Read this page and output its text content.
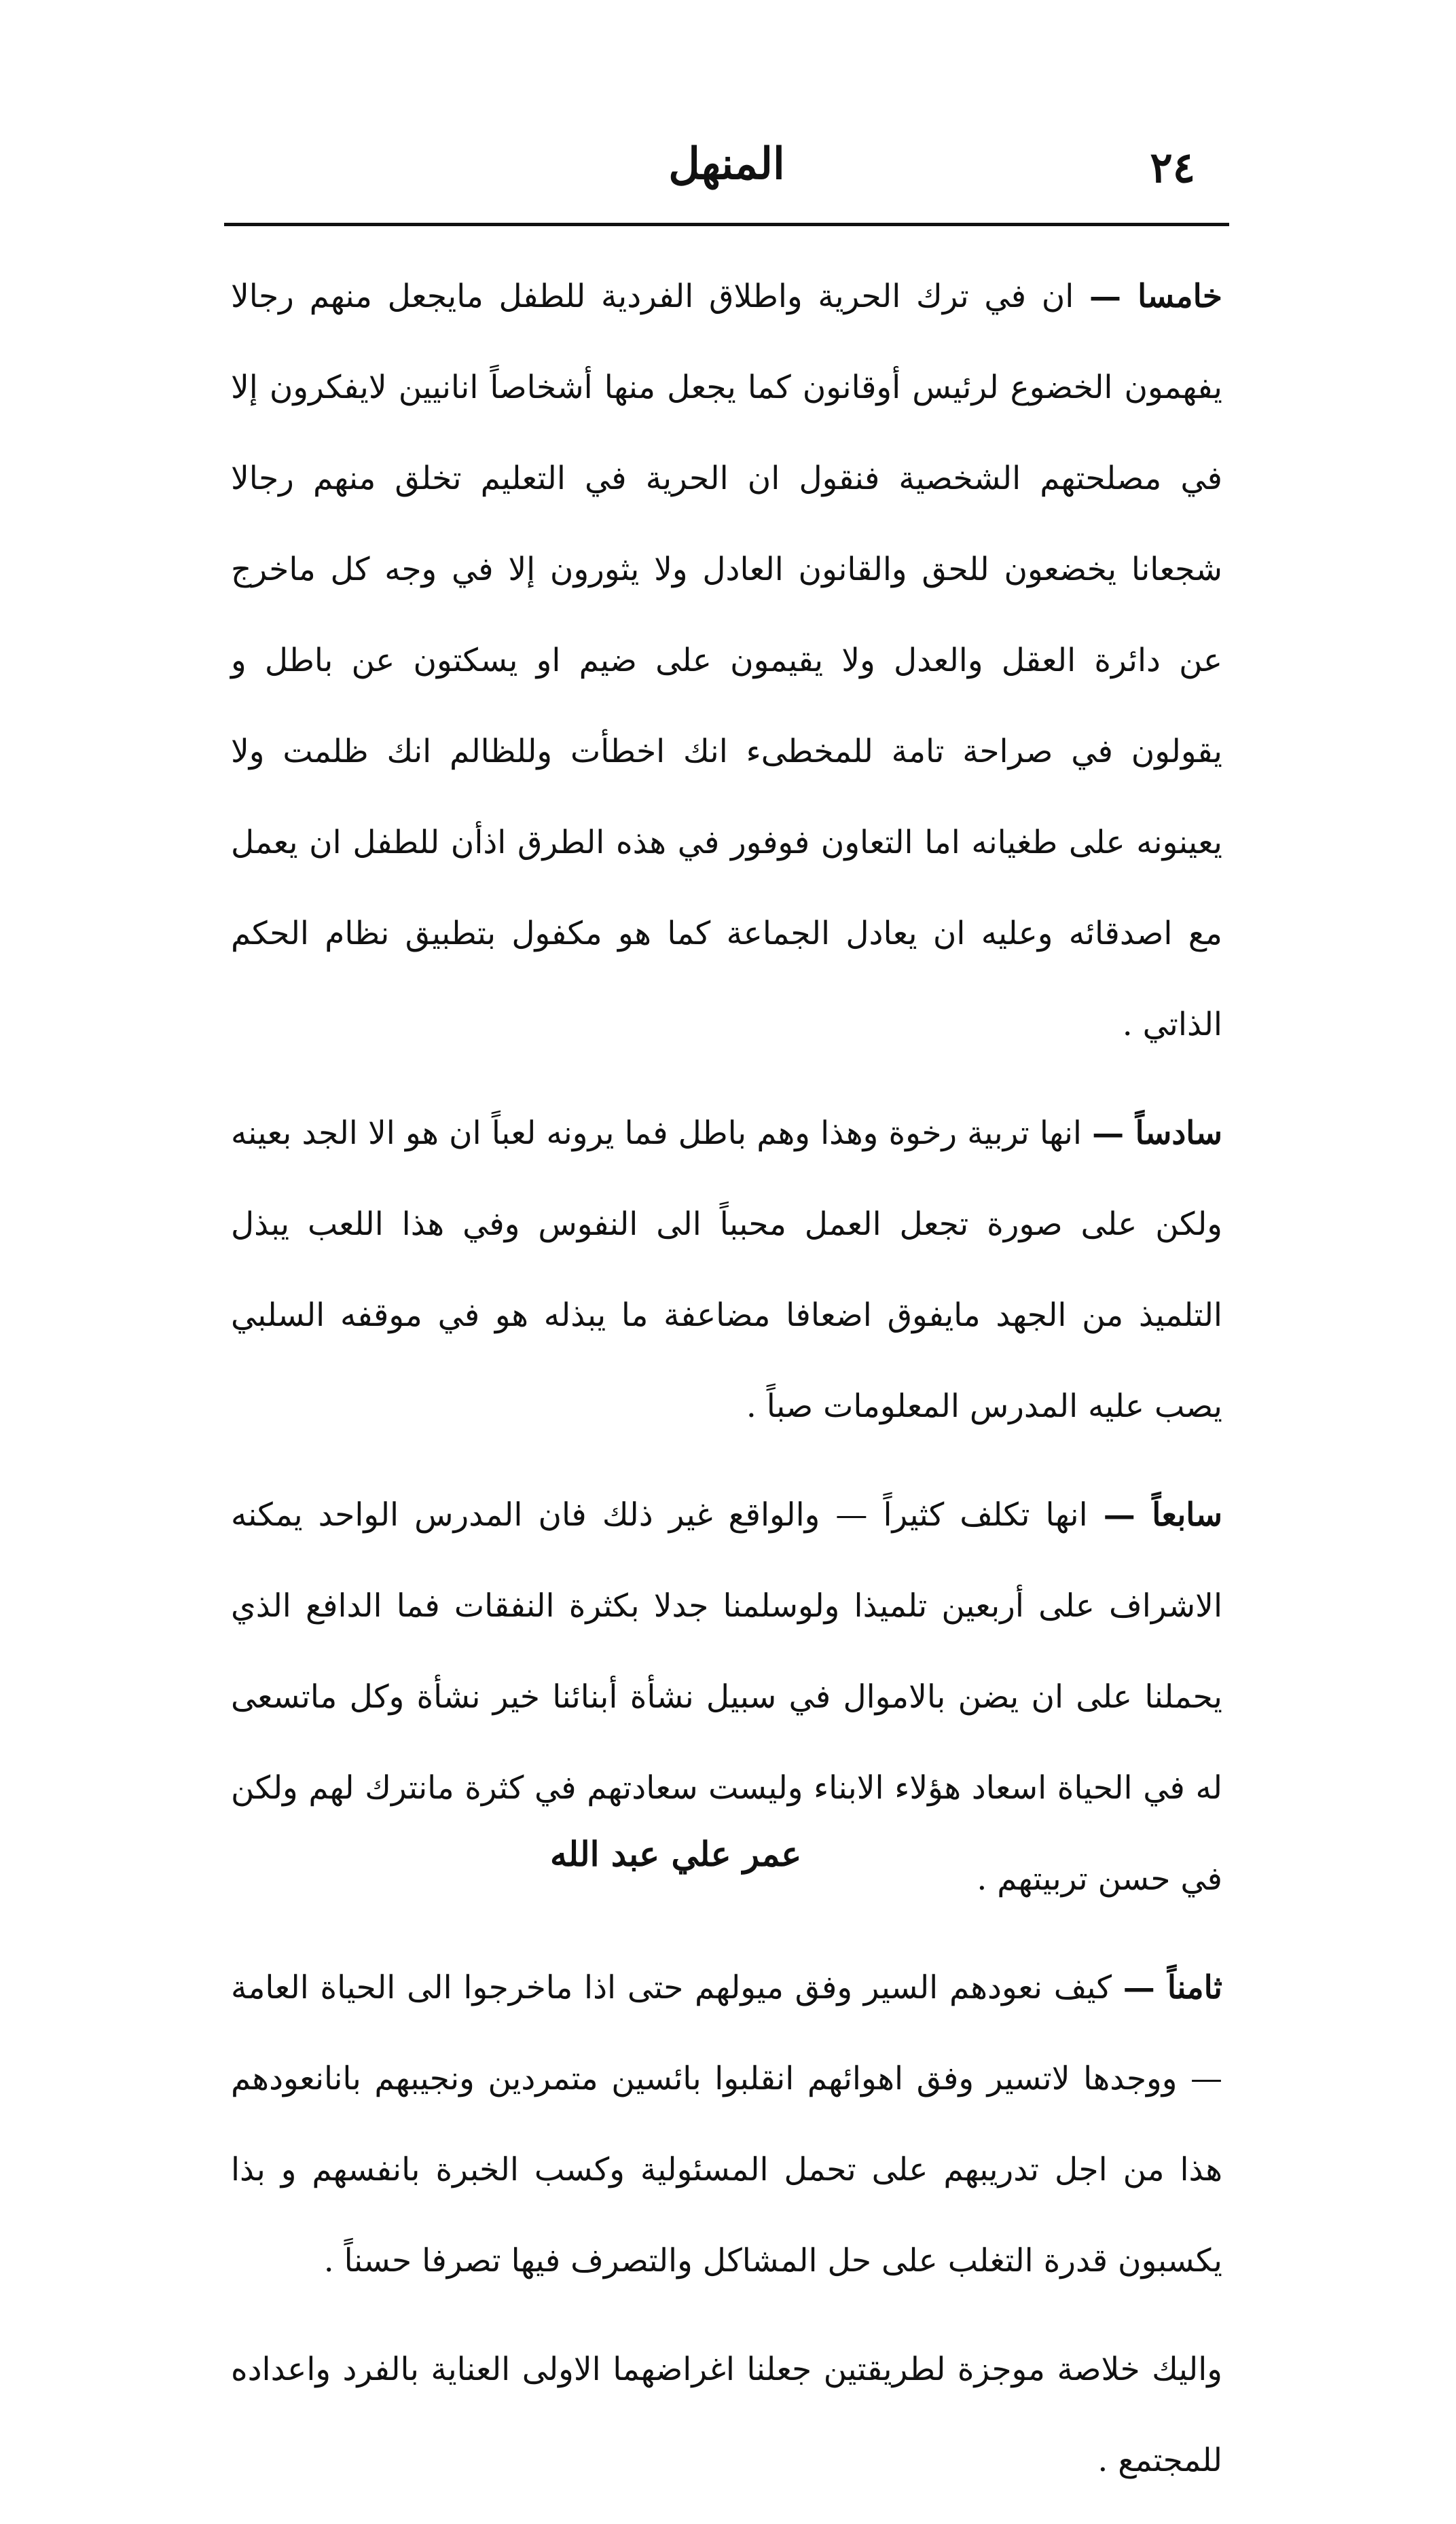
٢٤
المنهل

خامسا — ان في ترك الحرية واطلاق الفردية للطفل مايجعل منهم رجالا يفهمون الخضوع لرئيس أوقانون كما يجعل منها أشخاصاً انانيين لايفكرون إلا في مصلحتهم الشخصية فنقول ان الحرية في التعليم تخلق منهم رجالا شجعانا يخضعون للحق والقانون العادل ولا يثورون إلا في وجه كل ماخرج عن دائرة العقل والعدل ولا يقيمون على ضيم او يسكتون عن باطل و يقولون في صراحة تامة للمخطىء انك اخطأت وللظالم انك ظلمت ولا يعينونه على طغيانه اما التعاون فوفور في هذه الطرق اذأن للطفل ان يعمل مع اصدقائه وعليه ان يعادل الجماعة كما هو مكفول بتطبيق نظام الحكم الذاتي .

سادساً — انها تربية رخوة وهذا وهم باطل فما يرونه لعباً ان هو الا الجد بعينه ولكن على صورة تجعل العمل محبباً الى النفوس وفي هذا اللعب يبذل التلميذ من الجهد مايفوق اضعافا مضاعفة ما يبذله هو في موقفه السلبي يصب عليه المدرس المعلومات صباً .

سابعاً — انها تكلف كثيراً — والواقع غير ذلك فان المدرس الواحد يمكنه الاشراف على أربعين تلميذا ولوسلمنا جدلا بكثرة النفقات فما الدافع الذي يحملنا على ان يضن بالاموال في سبيل نشأة أبنائنا خير نشأة وكل ماتسعى له في الحياة اسعاد هؤلاء الابناء وليست سعادتهم في كثرة مانترك لهم ولكن في حسن تربيتهم .

ثامناً — كيف نعودهم السير وفق ميولهم حتى اذا ماخرجوا الى الحياة العامة — ووجدها لاتسير وفق اهوائهم انقلبوا بائسين متمردين ونجيبهم بانانعودهم هذا من اجل تدريبهم على تحمل المسئولية وكسب الخبرة بانفسهم و بذا يكسبون قدرة التغلب على حل المشاكل والتصرف فيها تصرفا حسناً .

واليك خلاصة موجزة لطريقتين جعلنا اغراضهما الاولى العناية بالفرد واعداده للمجتمع .

عمر علي عبد الله
